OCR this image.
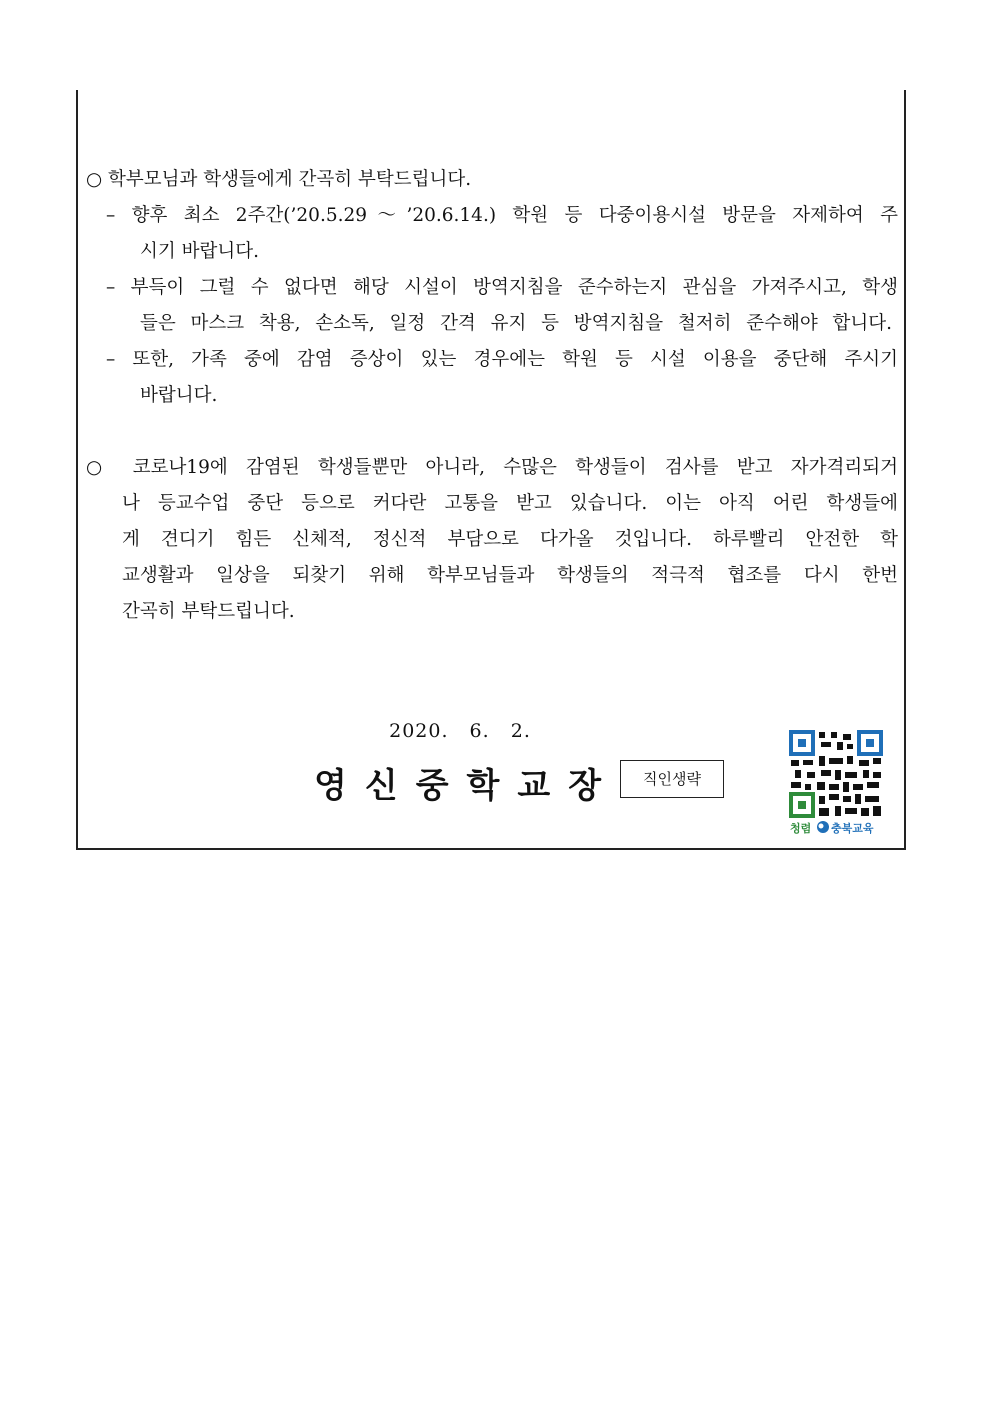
○ 학부모님과 학생들에게 간곡히 부탁드립니다.
– 향후 최소 2주간(’20.5.29～’20.6.14.) 학원 등 다중이용시설 방문을 자제하여 주
시기 바랍니다.
– 부득이 그럴 수 없다면 해당 시설이 방역지침을 준수하는지 관심을 가져주시고, 학생
들은 마스크 착용, 손소독, 일정 간격 유지 등 방역지침을 철저히 준수해야 합니다.
– 또한, 가족 중에 감염 증상이 있는 경우에는 학원 등 시설 이용을 중단해 주시기
바랍니다.
○ 코로나19에 감염된 학생들뿐만 아니라, 수많은 학생들이 검사를 받고 자가격리되거
나 등교수업 중단 등으로 커다란 고통을 받고 있습니다. 이는 아직 어린 학생들에
게 견디기 힘든 신체적, 정신적 부담으로 다가올 것입니다. 하루빨리 안전한 학
교생활과 일상을 되찾기 위해 학부모님들과 학생들의 적극적 협조를 다시 한번
간곡히 부탁드립니다.
2020. 6. 2.
영신중학교장	직인생략
청렴 충북교육
